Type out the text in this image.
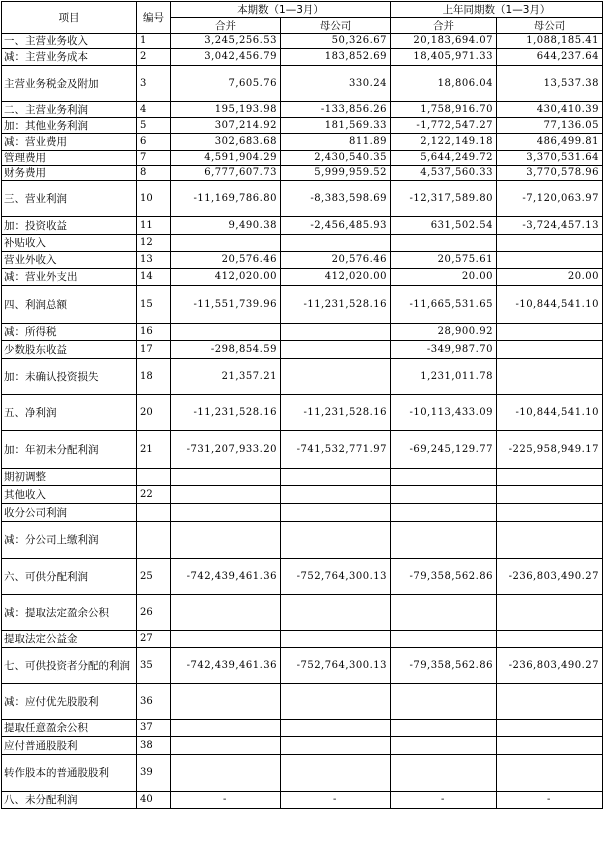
项目	编号	本期数（1—3月）		上年同期数（1—3月）	
		合并	母公司	合并	母公司
一、主营业务收入	1	3,245,256.53	50,326.67	20,183,694.07	1,088,185.41
减：主营业务成本	2	3,042,456.79	183,852.69	18,405,971.33	644,237.64
主营业务税金及附加	3	7,605.76	330.24	18,806.04	13,537.38
二、主营业务利润	4	195,193.98	-133,856.26	1,758,916.70	430,410.39
加：其他业务利润	5	307,214.92	181,569.33	-1,772,547.27	77,136.05
减：营业费用	6	302,683.68	811.89	2,122,149.18	486,499.81
管理费用	7	4,591,904.29	2,430,540.35	5,644,249.72	3,370,531.64
财务费用	8	6,777,607.73	5,999,959.52	4,537,560.33	3,770,578.96
三、营业利润	10	-11,169,786.80	-8,383,598.69	-12,317,589.80	-7,120,063.97
加：投资收益	11	9,490.38	-2,456,485.93	631,502.54	-3,724,457.13
补贴收入	12				
营业外收入	13	20,576.46	20,576.46	20,575.61	
减：营业外支出	14	412,020.00	412,020.00	20.00	20.00
四、利润总额	15	-11,551,739.96	-11,231,528.16	-11,665,531.65	-10,844,541.10
减：所得税	16			28,900.92	
少数股东收益	17	-298,854.59		-349,987.70	
加：未确认投资损失	18	21,357.21		1,231,011.78	
五、净利润	20	-11,231,528.16	-11,231,528.16	-10,113,433.09	-10,844,541.10
加：年初未分配利润	21	-731,207,933.20	-741,532,771.97	-69,245,129.77	-225,958,949.17
期初调整					
其他收入	22				
收分公司利润					
减：分公司上缴利润					
六、可供分配利润	25	-742,439,461.36	-752,764,300.13	-79,358,562.86	-236,803,490.27
减：提取法定盈余公积	26				
提取法定公益金	27				
七、可供投资者分配的利润	35	-742,439,461.36	-752,764,300.13	-79,358,562.86	-236,803,490.27
减：应付优先股股利	36				
提取任意盈余公积	37				
应付普通股股利	38				
转作股本的普通股股利	39				
八、未分配利润	40	-	-	-	-
